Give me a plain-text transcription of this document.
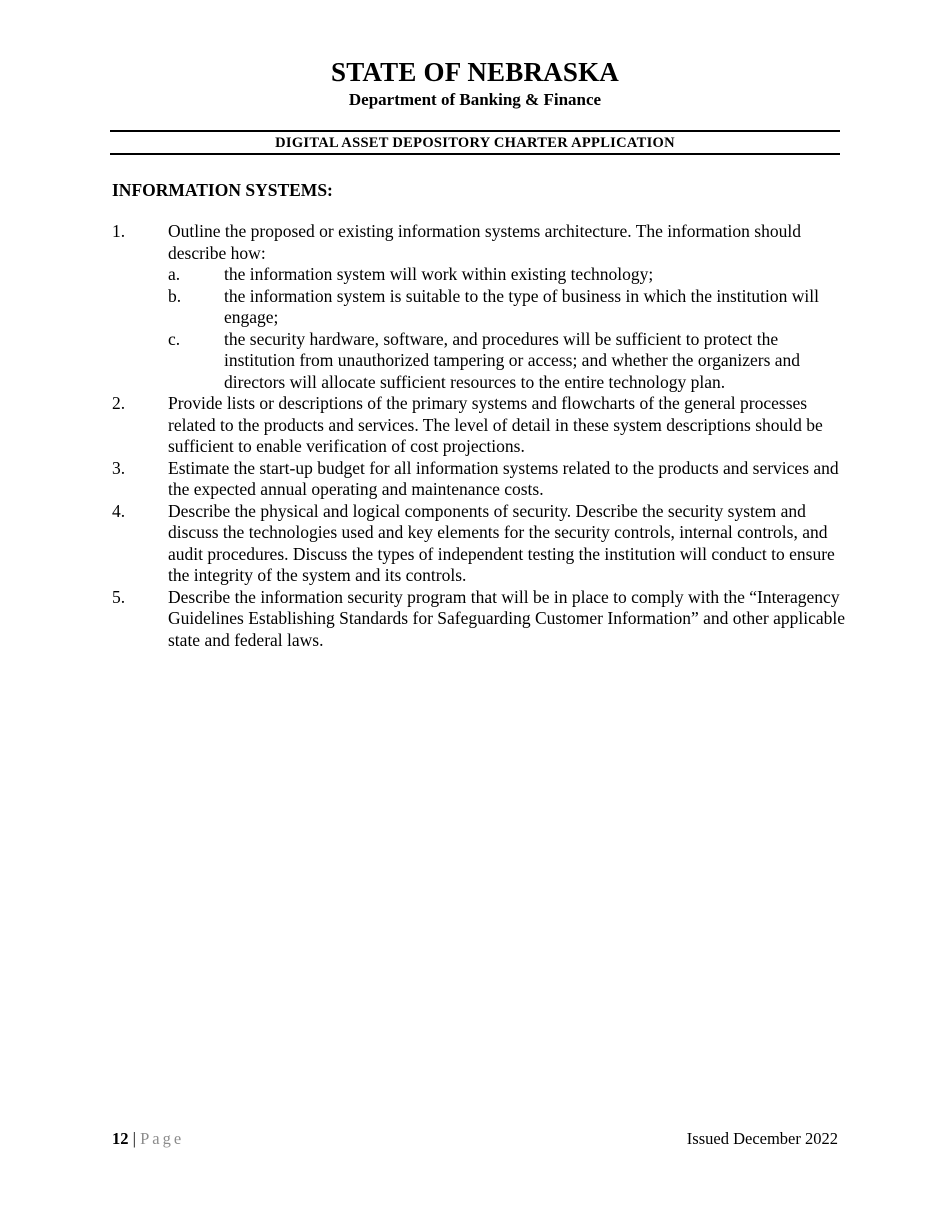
STATE OF NEBRASKA
Department of Banking & Finance
DIGITAL ASSET DEPOSITORY CHARTER APPLICATION
INFORMATION SYSTEMS:
1. Outline the proposed or existing information systems architecture. The information should describe how:
a.	the information system will work within existing technology;
b. the information system is suitable to the type of business in which the institution will engage;
c.	the security hardware, software, and procedures will be sufficient to protect the institution from unauthorized tampering or access; and whether the organizers and directors will allocate sufficient resources to the entire technology plan.
2. Provide lists or descriptions of the primary systems and flowcharts of the general processes related to the products and services. The level of detail in these system descriptions should be sufficient to enable verification of cost projections.
3. Estimate the start-up budget for all information systems related to the products and services and the expected annual operating and maintenance costs.
4. Describe the physical and logical components of security. Describe the security system and discuss the technologies used and key elements for the security controls, internal controls, and audit procedures. Discuss the types of independent testing the institution will conduct to ensure the integrity of the system and its controls.
5. Describe the information security program that will be in place to comply with the “Interagency Guidelines Establishing Standards for Safeguarding Customer Information” and other applicable state and federal laws.
12 | Page	Issued December 2022
